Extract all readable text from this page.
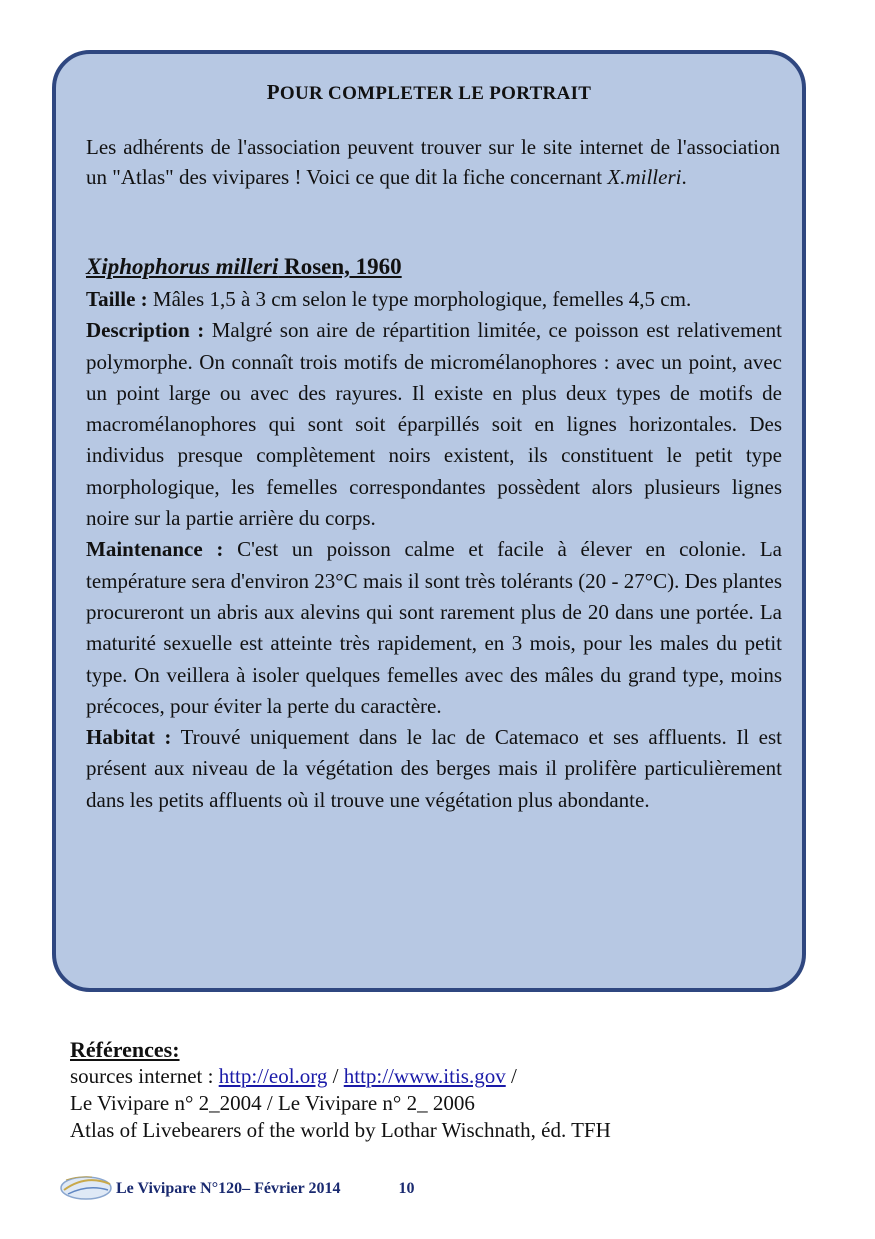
POUR COMPLETER LE PORTRAIT
Les adhérents de l'association peuvent trouver sur le site internet de l'association un "Atlas" des vivipares ! Voici ce que dit la fiche concernant X.milleri.
Xiphophorus milleri Rosen, 1960

Taille : Mâles 1,5 à 3 cm selon le type morphologique, femelles 4,5 cm.

Description : Malgré son aire de répartition limitée, ce poisson est relativement polymorphe. On connaît trois motifs de micromélanophores : avec un point, avec un point large ou avec des rayures. Il existe en plus deux types de motifs de macromélanophores qui sont soit éparpillés soit en lignes horizontales. Des individus presque complètement noirs existent, ils constituent le petit type morphologique, les femelles correspondantes possèdent alors plusieurs lignes noire sur la partie arrière du corps.

Maintenance : C'est un poisson calme et facile à élever en colonie. La température sera d'environ 23°C mais il sont très tolérants (20 - 27°C). Des plantes procureront un abris aux alevins qui sont rarement plus de 20 dans une portée. La maturité sexuelle est atteinte très rapidement, en 3 mois, pour les males du petit type. On veillera à isoler quelques femelles avec des mâles du grand type, moins précoces, pour éviter la perte du caractère.

Habitat : Trouvé uniquement dans le lac de Catemaco et ses affluents. Il est présent aux niveau de la végétation des berges mais il prolifère particulièrement dans les petits affluents où il trouve une végétation plus abondante.

Références:
sources internet : http://eol.org / http://www.itis.gov /
Le Vivipare n° 2_2004 / Le Vivipare n° 2_ 2006
Atlas of Livebearers of the world by Lothar Wischnath, éd. TFH
Le Vivipare N°120– Février 2014	10
